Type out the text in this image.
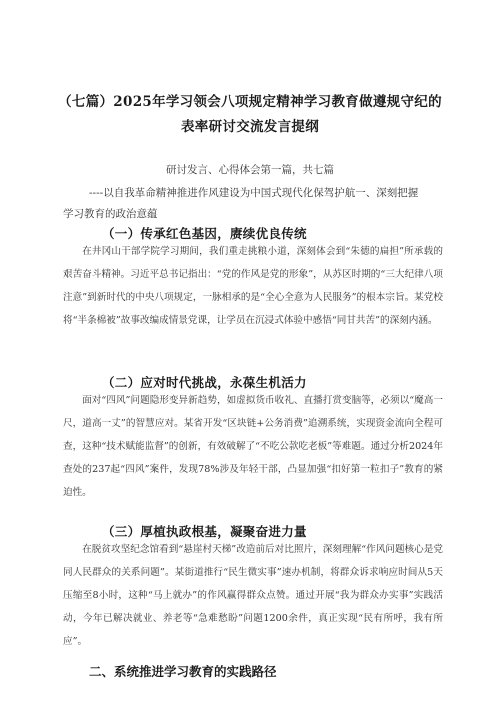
（七篇）2025年学习领会八项规定精神学习教育做遵规守纪的
表率研讨交流发言提纲
研讨发言、心得体会第一篇，共七篇
----以自我革命精神推进作风建设为中国式现代化保驾护航一、深刻把握
学习教育的政治意蕴
（一）传承红色基因，赓续优良传统
在井冈山干部学院学习期间，我们重走挑粮小道，深刻体会到“朱德的扁担”所承载的艰苦奋斗精神。习近平总书记指出：“党的作风是党的形象”，从苏区时期的“三大纪律八项注意”到新时代的中央八项规定，一脉相承的是“全心全意为人民服务”的根本宗旨。某党校将“半条棉被”故事改编成情景党课，让学员在沉浸式体验中感悟“同甘共苦”的深刻内涵。
（二）应对时代挑战，永葆生机活力
面对“四风”问题隐形变异新趋势，如虚拟货币收礼、直播打赏变脑等，必须以“魔高一尺，道高一丈”的智慧应对。某省开发“区块链+公务消费”追溯系统，实现资金流向全程可查，这种“技术赋能监督”的创新，有效破解了“不吃公款吃老板”等难题。通过分析2024年查处的237起“四风”案件，发现78%涉及年轻干部，凸显加强“扣好第一粒扣子”教育的紧迫性。
（三）厚植执政根基，凝聚奋进力量
在脱贫攻坚纪念馆看到“悬崖村天梯”改造前后对比照片，深刻理解“作风问题核心是党同人民群众的关系问题”。某街道推行“民生微实事”速办机制，将群众诉求响应时间从5天压缩至8小时，这种“马上就办”的作风赢得群众点赞。通过开展“我为群众办实事”实践活动，今年已解决就业、养老等“急难愁盼”问题1200余件，真正实现“民有所呼，我有所应”。
二、系统推进学习教育的实践路径
